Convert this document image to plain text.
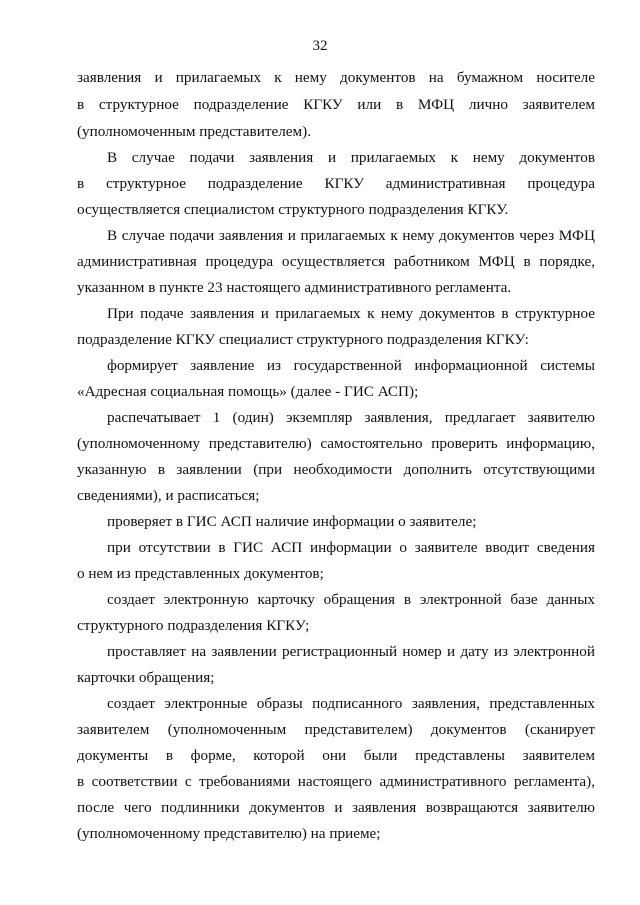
32
заявления и прилагаемых к нему документов на бумажном носителе
в структурное подразделение КГКУ или в МФЦ лично заявителем
(уполномоченным представителем).
В случае подачи заявления и прилагаемых к нему документов
в структурное подразделение КГКУ административная процедура
осуществляется специалистом структурного подразделения КГКУ.
В случае подачи заявления и прилагаемых к нему документов через МФЦ
административная процедура осуществляется работником МФЦ в порядке,
указанном в пункте 23 настоящего административного регламента.
При подаче заявления и прилагаемых к нему документов в структурное
подразделение КГКУ специалист структурного подразделения КГКУ:
формирует заявление из государственной информационной системы
«Адресная социальная помощь» (далее - ГИС АСП);
распечатывает 1 (один) экземпляр заявления, предлагает заявителю
(уполномоченному представителю) самостоятельно проверить информацию,
указанную в заявлении (при необходимости дополнить отсутствующими
сведениями), и расписаться;
проверяет в ГИС АСП наличие информации о заявителе;
при отсутствии в ГИС АСП информации о заявителе вводит сведения
о нем из представленных документов;
создает электронную карточку обращения в электронной базе данных
структурного подразделения КГКУ;
проставляет на заявлении регистрационный номер и дату из электронной
карточки обращения;
создает электронные образы подписанного заявления, представленных
заявителем (уполномоченным представителем) документов (сканирует
документы в форме, которой они были представлены заявителем
в соответствии с требованиями настоящего административного регламента),
после чего подлинники документов и заявления возвращаются заявителю
(уполномоченному представителю) на приеме;
